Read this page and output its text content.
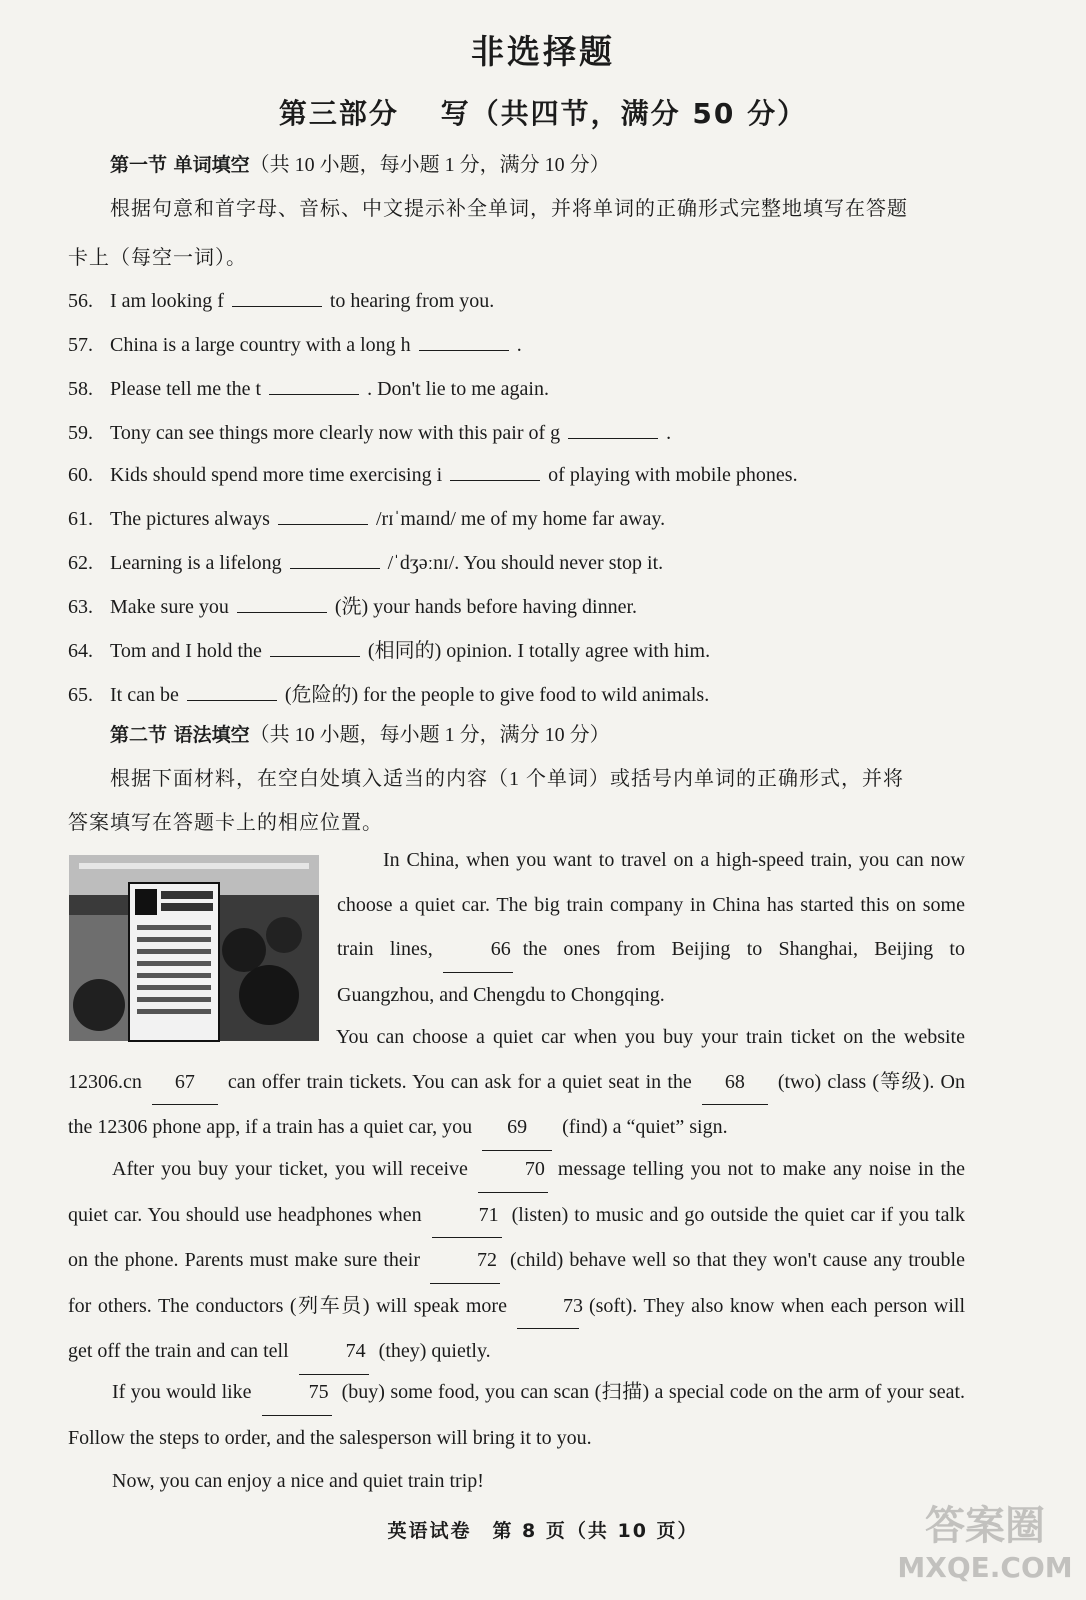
非选择题
第三部分　 写（共四节，满分 50 分）
第一节 单词填空（共 10 小题，每小题 1 分，满分 10 分）
根据句意和首字母、音标、中文提示补全单词，并将单词的正确形式完整地填写在答题
卡上（每空一词）。
56. I am looking f	to hearing from you.
57. China is a large country with a long h	.
58. Please tell me the t	. Don't lie to me again.
59. Tony can see things more clearly now with this pair of g	.
60. Kids should spend more time exercising i	of playing with mobile phones.
61. The pictures always	/rɪˈmaɪnd/ me of my home far away.
62. Learning is a lifelong	/ˈdʒəːnɪ/. You should never stop it.
63. Make sure you	(洗) your hands before having dinner.
64. Tom and I hold the	(相同的) opinion. I totally agree with him.
65. It can be	(危险的) for the people to give food to wild animals.
第二节 语法填空（共 10 小题，每小题 1 分，满分 10 分）
根据下面材料，在空白处填入适当的内容（1 个单词）或括号内单词的正确形式，并将
答案填写在答题卡上的相应位置。
In China, when you want to travel on a high-speed train, you can now choose a quiet car. The big train company in China has started this on some train lines,	66 the ones from Beijing to Shanghai, Beijing to Guangzhou, and Chengdu to Chongqing.
You can choose a quiet car when you buy your train ticket on the website 12306.cn 67 can offer train tickets. You can ask for a quiet seat in the 68 (two) class (等级). On the 12306 phone app, if a train has a quiet car, you 69 (find) a “quiet” sign.
After you buy your ticket, you will receive	70 message telling you not to make any noise in the quiet car. You should use headphones when	71 (listen) to music and go outside the quiet car if you talk on the phone. Parents must make sure their	72 (child) behave well so that they won't cause any trouble for others. The conductors (列车员) will speak more	73 (soft). They also know when each person will get off the train and can tell	74 (they) quietly.
If you would like	75 (buy) some food, you can scan (扫描) a special code on the arm of your seat. Follow the steps to order, and the salesperson will bring it to you.
Now, you can enjoy a nice and quiet train trip!
英语试卷　第 8 页（共 10 页）	答案圈
MXQE.COM
